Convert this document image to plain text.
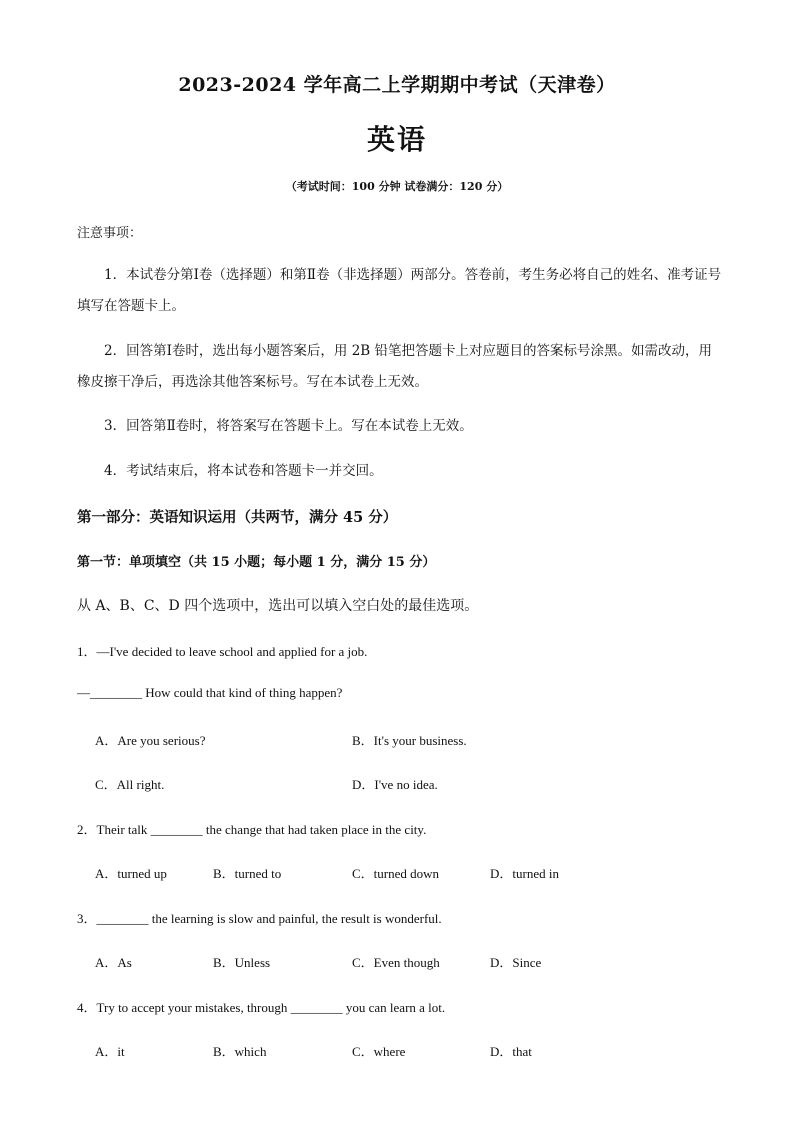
2023-2024 学年高二上学期期中考试（天津卷）
英语
（考试时间：100 分钟 试卷满分：120 分）
注意事项：
1．本试卷分第Ⅰ卷（选择题）和第Ⅱ卷（非选择题）两部分。答卷前，考生务必将自己的姓名、准考证号填写在答题卡上。
2．回答第Ⅰ卷时，选出每小题答案后，用 2B 铅笔把答题卡上对应题目的答案标号涂黑。如需改动，用橡皮擦干净后，再选涂其他答案标号。写在本试卷上无效。
3．回答第Ⅱ卷时，将答案写在答题卡上。写在本试卷上无效。
4．考试结束后，将本试卷和答题卡一并交回。
第一部分：英语知识运用（共两节，满分 45 分）
第一节：单项填空（共 15 小题；每小题 1 分，满分 15 分）
从 A、B、C、D 四个选项中，选出可以填入空白处的最佳选项。
1．—I've decided to leave school and applied for a job.
—________ How could that kind of thing happen?
A．Are you serious?	B．It's your business.
C．All right.	D．I've no idea.
2．Their talk ________ the change that had taken place in the city.
A．turned up	B．turned to	C．turned down	D．turned in
3．________ the learning is slow and painful, the result is wonderful.
A．As	B．Unless	C．Even though	D．Since
4．Try to accept your mistakes, through ________ you can learn a lot.
A．it	B．which	C．where	D．that
